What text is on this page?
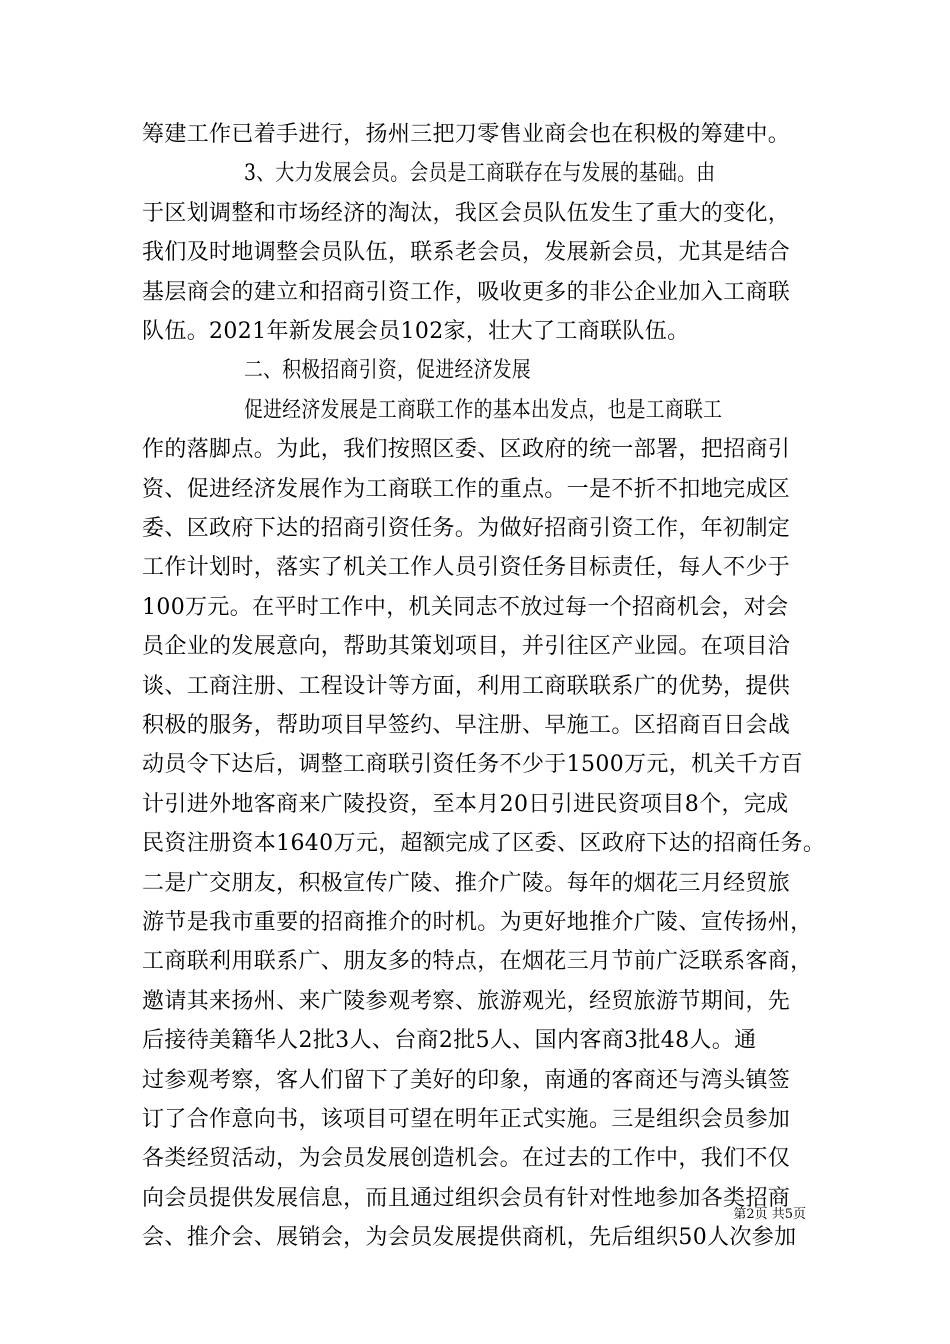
筹建工作已着手进行，扬州三把刀零售业商会也在积极的筹建中。
3、大力发展会员。会员是工商联存在与发展的基础。由
于区划调整和市场经济的淘汰，我区会员队伍发生了重大的变化，
我们及时地调整会员队伍，联系老会员，发展新会员，尤其是结合
基层商会的建立和招商引资工作，吸收更多的非公企业加入工商联
队伍。2021年新发展会员102家，壮大了工商联队伍。
二、积极招商引资，促进经济发展
促进经济发展是工商联工作的基本出发点，也是工商联工
作的落脚点。为此，我们按照区委、区政府的统一部署，把招商引
资、促进经济发展作为工商联工作的重点。一是不折不扣地完成区
委、区政府下达的招商引资任务。为做好招商引资工作，年初制定
工作计划时，落实了机关工作人员引资任务目标责任，每人不少于
100万元。在平时工作中，机关同志不放过每一个招商机会，对会
员企业的发展意向，帮助其策划项目，并引往区产业园。在项目洽
谈、工商注册、工程设计等方面，利用工商联联系广的优势，提供
积极的服务，帮助项目早签约、早注册、早施工。区招商百日会战
动员令下达后，调整工商联引资任务不少于1500万元，机关千方百
计引进外地客商来广陵投资，至本月20日引进民资项目8个，完成
民资注册资本1640万元，超额完成了区委、区政府下达的招商任务。
二是广交朋友，积极宣传广陵、推介广陵。每年的烟花三月经贸旅
游节是我市重要的招商推介的时机。为更好地推介广陵、宣传扬州，
工商联利用联系广、朋友多的特点，在烟花三月节前广泛联系客商，
邀请其来扬州、来广陵参观考察、旅游观光，经贸旅游节期间，先
后接待美籍华人2批3人、台商2批5人、国内客商3批48人。通
过参观考察，客人们留下了美好的印象，南通的客商还与湾头镇签
订了合作意向书，该项目可望在明年正式实施。三是组织会员参加
各类经贸活动，为会员发展创造机会。在过去的工作中，我们不仅
向会员提供发展信息，而且通过组织会员有针对性地参加各类招商
会、推介会、展销会，为会员发展提供商机，先后组织50人次参加
第2页 共5页
